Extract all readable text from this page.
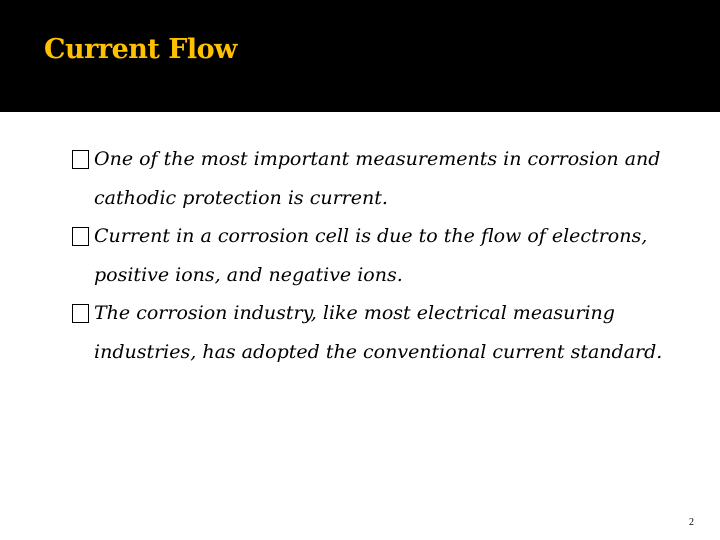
Current Flow
One of the most important measurements in corrosion and cathodic protection is current.
Current in a corrosion cell is due to the flow of electrons, positive ions, and negative ions.
The corrosion industry, like most electrical measuring industries, has adopted the conventional current standard.
2
